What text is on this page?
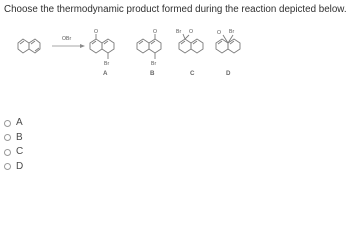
Choose the thermodynamic product formed during the reaction depicted below.
OBr
O
Br
A
O
Br
B
Br O
C
O Br
D
A
B
C
D
